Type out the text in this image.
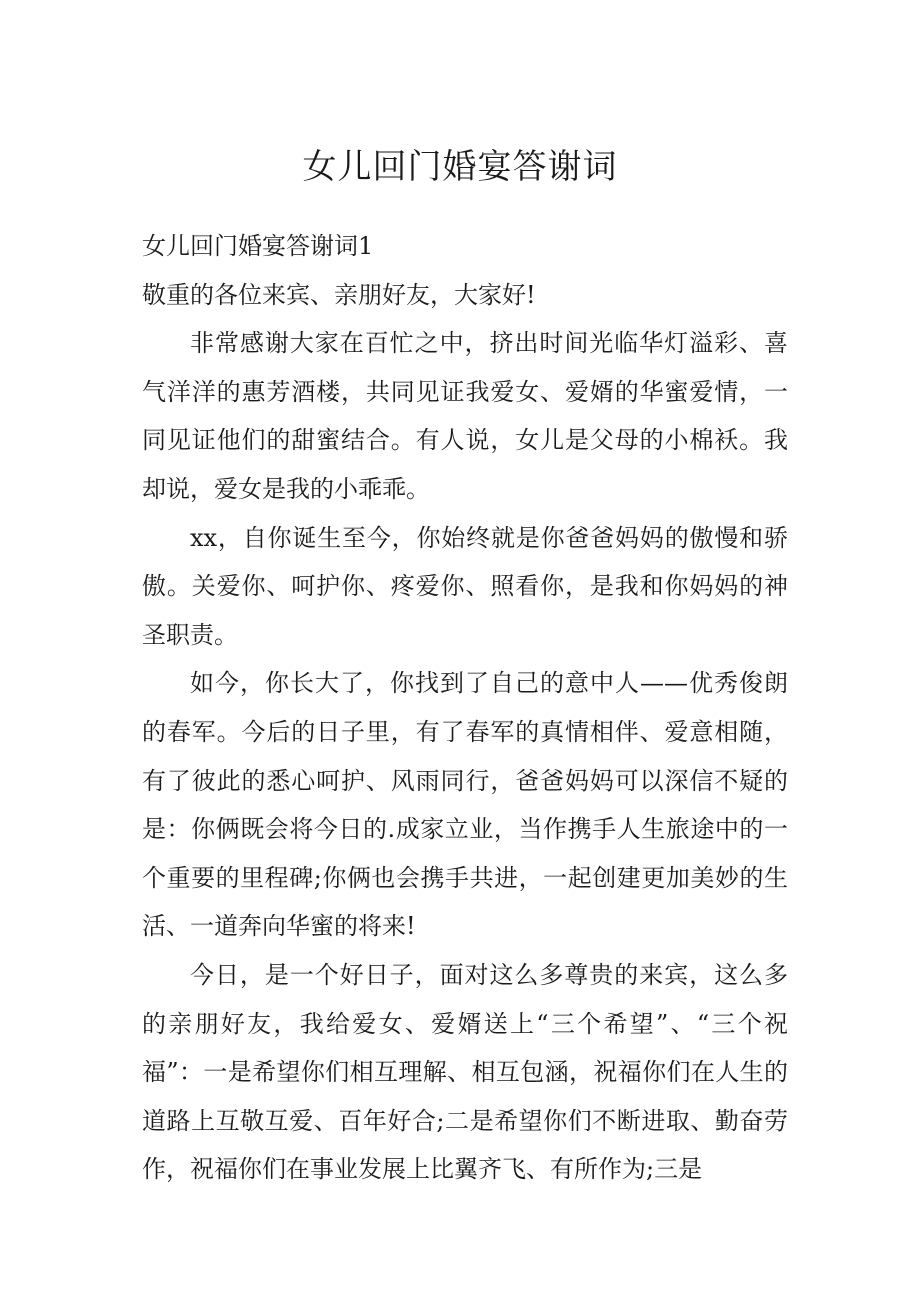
女儿回门婚宴答谢词

女儿回门婚宴答谢词1

敬重的各位来宾、亲朋好友，大家好!

非常感谢大家在百忙之中，挤出时间光临华灯溢彩、喜气洋洋的惠芳酒楼，共同见证我爱女、爱婿的华蜜爱情，一同见证他们的甜蜜结合。有人说，女儿是父母的小棉袄。我却说，爱女是我的小乖乖。

xx，自你诞生至今，你始终就是你爸爸妈妈的傲慢和骄傲。关爱你、呵护你、疼爱你、照看你，是我和你妈妈的神圣职责。

如今，你长大了，你找到了自己的意中人——优秀俊朗的春军。今后的日子里，有了春军的真情相伴、爱意相随，有了彼此的悉心呵护、风雨同行，爸爸妈妈可以深信不疑的是：你俩既会将今日的.成家立业，当作携手人生旅途中的一个重要的里程碑;你俩也会携手共进，一起创建更加美妙的生活、一道奔向华蜜的将来!

今日，是一个好日子，面对这么多尊贵的来宾，这么多的亲朋好友，我给爱女、爱婿送上“三个希望”、“三个祝福”：一是希望你们相互理解、相互包涵，祝福你们在人生的道路上互敬互爱、百年好合;二是希望你们不断进取、勤奋劳作，祝福你们在事业发展上比翼齐飞、有所作为;三是
